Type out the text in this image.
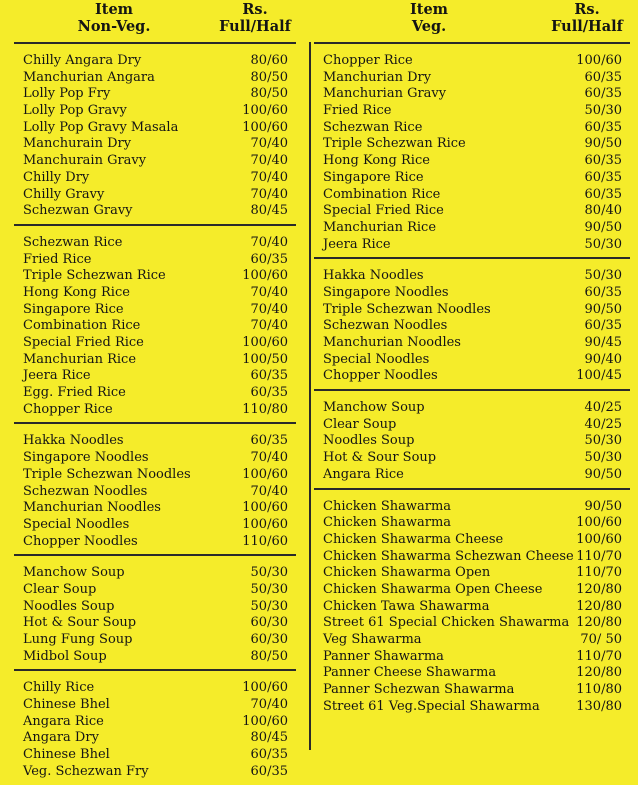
Item
Non-Veg.
Rs.
Full/Half
Chilly Angara Dry	80/60
Manchurian Angara	80/50
Lolly Pop Fry	80/50
Lolly Pop Gravy	100/60
Lolly Pop Gravy Masala	100/60
Manchurain Dry	70/40
Manchurain Gravy	70/40
Chilly Dry	70/40
Chilly Gravy	70/40
Schezwan Gravy	80/45
Schezwan Rice	70/40
Fried Rice	60/35
Triple Schezwan Rice	100/60
Hong Kong Rice	70/40
Singapore Rice	70/40
Combination Rice	70/40
Special Fried Rice	100/60
Manchurian Rice	100/50
Jeera Rice	60/35
Egg. Fried Rice	60/35
Chopper Rice	110/80
Hakka Noodles	60/35
Singapore Noodles	70/40
Triple Schezwan Noodles	100/60
Schezwan Noodles	70/40
Manchurian Noodles	100/60
Special Noodles	100/60
Chopper Noodles	110/60
Manchow Soup	50/30
Clear Soup	50/30
Noodles Soup	50/30
Hot & Sour Soup	60/30
Lung Fung Soup	60/30
Midbol Soup	80/50
Chilly Rice	100/60
Chinese Bhel	70/40
Angara Rice	100/60
Angara Dry	80/45
Chinese Bhel	60/35
Veg. Schezwan Fry	60/35
Item
Veg.
Rs.
Full/Half
Chopper Rice	100/60
Manchurian Dry	60/35
Manchurian Gravy	60/35
Fried Rice	50/30
Schezwan Rice	60/35
Triple Schezwan Rice	90/50
Hong Kong Rice	60/35
Singapore Rice	60/35
Combination Rice	60/35
Special Fried Rice	80/40
Manchurian Rice	90/50
Jeera Rice	50/30
Hakka Noodles	50/30
Singapore Noodles	60/35
Triple Schezwan Noodles	90/50
Schezwan Noodles	60/35
Manchurian Noodles	90/45
Special Noodles	90/40
Chopper Noodles	100/45
Manchow Soup	40/25
Clear Soup	40/25
Noodles Soup	50/30
Hot & Sour Soup	50/30
Angara Rice	90/50
Chicken Shawarma	90/50
Chicken Shawarma	100/60
Chicken Shawarma Cheese	100/60
Chicken Shawarma Schezwan Cheese 110/70
Chicken Shawarma Open	110/70
Chicken Shawarma Open Cheese	120/80
Chicken Tawa Shawarma	120/80
Street 61 Special Chicken Shawarma 120/80
Veg Shawarma	70/ 50
Panner Shawarma	110/70
Panner Cheese Shawarma	120/80
Panner Schezwan Shawarma	110/80
Street 61 Veg.Special Shawarma	130/80
